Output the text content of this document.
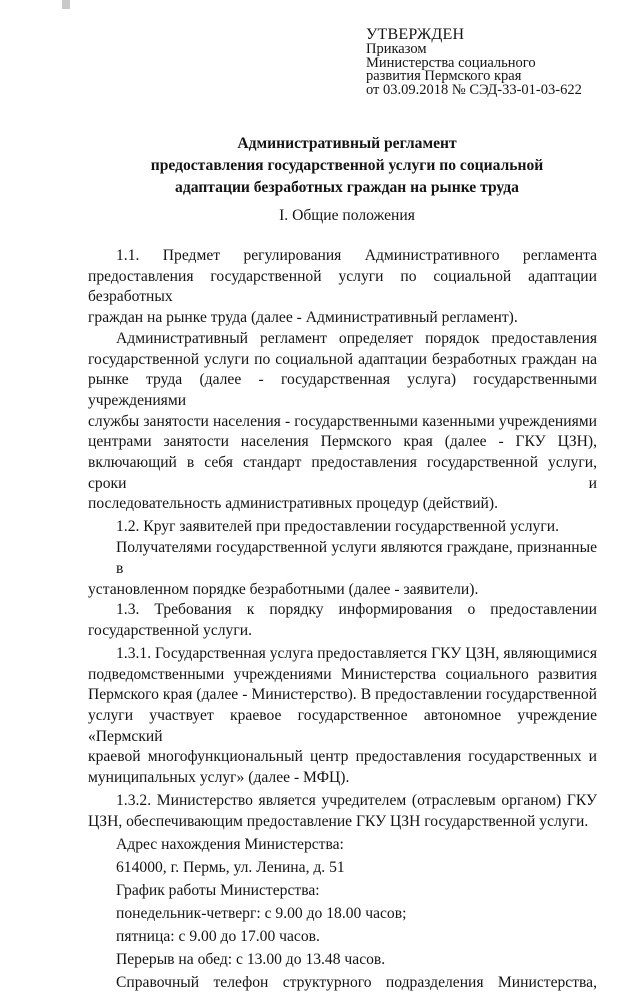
УТВЕРЖДЕН
Приказом
Министерства социального
развития Пермского края
от 03.09.2018 № СЭД-33-01-03-622
Административный регламент
предоставления государственной услуги по социальной
адаптации безработных граждан на рынке труда
I. Общие положения

1.1. Предмет регулирования Административного регламента

предоставления государственной услуги по социальной адаптации безработных

граждан на рынке труда (далее - Административный регламент).

Административный регламент определяет порядок предоставления

государственной услуги по социальной адаптации безработных граждан на

рынке труда (далее - государственная услуга) государственными учреждениями

службы занятости населения - государственными казенными учреждениями

центрами занятости населения Пермского края (далее - ГКУ ЦЗН),

включающий в себя стандарт предоставления государственной услуги, сроки и

последовательность административных процедур (действий).

1.2. Круг заявителей при предоставлении государственной услуги.

Получателями государственной услуги являются граждане, признанные в

установленном порядке безработными (далее - заявители).

1.3. Требования к порядку информирования о предоставлении

государственной услуги.

1.3.1. Государственная услуга предоставляется ГКУ ЦЗН, являющимися

подведомственными учреждениями Министерства социального развития

Пермского края (далее - Министерство). В предоставлении государственной

услуги участвует краевое государственное автономное учреждение «Пермский

краевой многофункциональный центр предоставления государственных и

муниципальных услуг» (далее - МФЦ).

1.3.2. Министерство является учредителем (отраслевым органом) ГКУ

ЦЗН, обеспечивающим предоставление ГКУ ЦЗН государственной услуги.

Адрес нахождения Министерства:

614000, г. Пермь, ул. Ленина, д. 51

График работы Министерства:

понедельник-четверг: с 9.00 до 18.00 часов;

пятница: с 9.00 до 17.00 часов.

Перерыв на обед: с 13.00 до 13.48 часов.

Справочный телефон структурного подразделения Министерства,
